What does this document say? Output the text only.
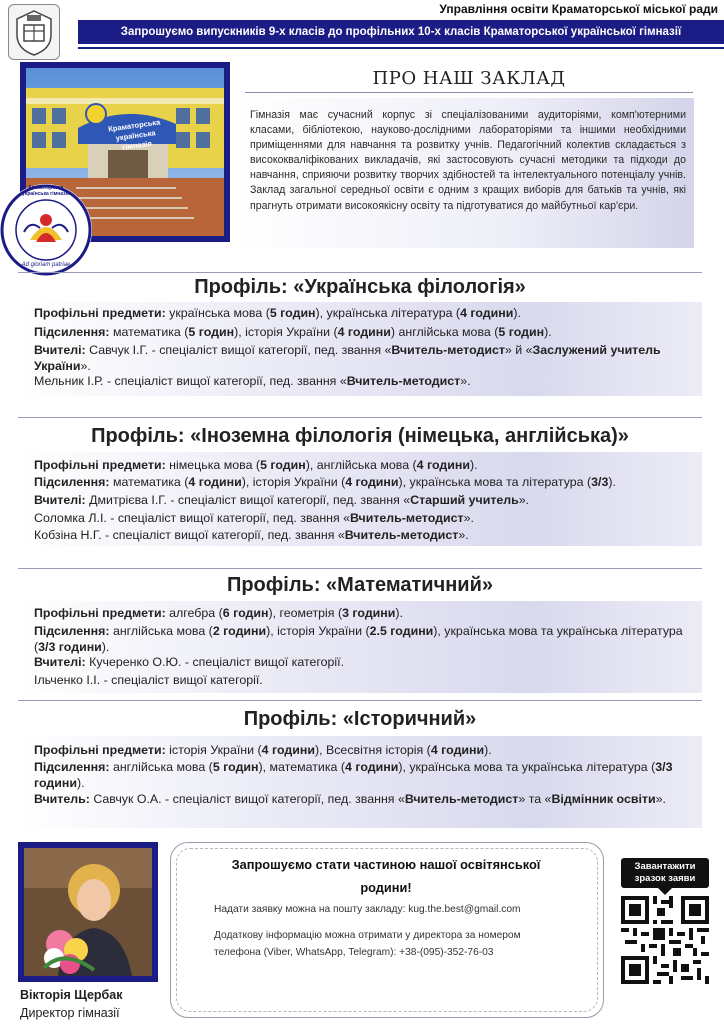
Управління освіти Краматорської міської ради
Запрошуємо випускників 9-х класів до профільних 10-х класів Краматорської української гімназії
Краматорська українська гімназія
Краматорська українська гімназія
Ad gloriam patriae
ПРО НАШ ЗАКЛАД
Гімназія має сучасний корпус зі спеціалізованими аудиторіями, комп'ютерними класами, бібліотекою, науково-дослідними лабораторіями та іншими необхідними приміщеннями для навчання та розвитку учнів. Педагогічний колектив складається з висококваліфікованих викладачів, які застосовують сучасні методики та підходи до навчання, сприяючи розвитку творчих здібностей та інтелектуального потенціалу учнів. Заклад загальної середньої освіти є одним з кращих виборів для батьків та учнів, які прагнуть отримати високоякісну освіту та підготуватися до майбутньої кар'єри.
Профіль: «Українська філологія»
Профільні предмети: українська мова (5 годин), українська література (4 години).
Підсилення: математика (5 годин), історія України (4 години) англійська мова (5 годин).
Вчителі: Савчук І.Г. - спеціаліст вищої категорії, пед. звання «Вчитель-методист» й «Заслужений учитель України».
Мельник І.Р. - спеціаліст вищої категорії, пед. звання «Вчитель-методист».
Профіль: «Іноземна філологія (німецька, англійська)»
Профільні предмети: німецька мова (5 годин), англійська мова (4 години).
Підсилення: математика (4 години), історія України (4 години), українська мова та література (3/3).
Вчителі: Дмитрієва І.Г. - спеціаліст вищої категорії, пед. звання «Старший учитель».
Соломка Л.І. - спеціаліст вищої категорії, пед. звання «Вчитель-методист».
Кобзіна Н.Г. - спеціаліст вищої категорії, пед. звання «Вчитель-методист».
Профіль: «Математичний»
Профільні предмети: алгебра (6 годин), геометрія (3 години).
Підсилення: англійська мова (2 години), історія України (2.5 години), українська мова та українська література (3/3 години).
Вчителі: Кучеренко О.Ю. - спеціаліст вищої категорії.
Ільченко І.І. - спеціаліст вищої категорії.
Профіль: «Історичний»
Профільні предмети: історія України (4 години), Всесвітня історія (4 години).
Підсилення: англійська мова (5 годин), математика (4 години), українська мова та українська література (3/3 години).
Вчитель: Савчук О.А. - спеціаліст вищої категорії, пед. звання «Вчитель-методист» та «Відмінник освіти».
Вікторія Щербак
Директор гімназії
Запрошуємо стати частиною нашої освітянської
родини!
Надати заявку можна на пошту закладу: kug.the.best@gmail.com
Додаткову інформацію можна отримати у директора за номером
телефона (Viber, WhatsApp, Telegram): +38-(095)-352-76-03
Завантажити
зразок заяви
